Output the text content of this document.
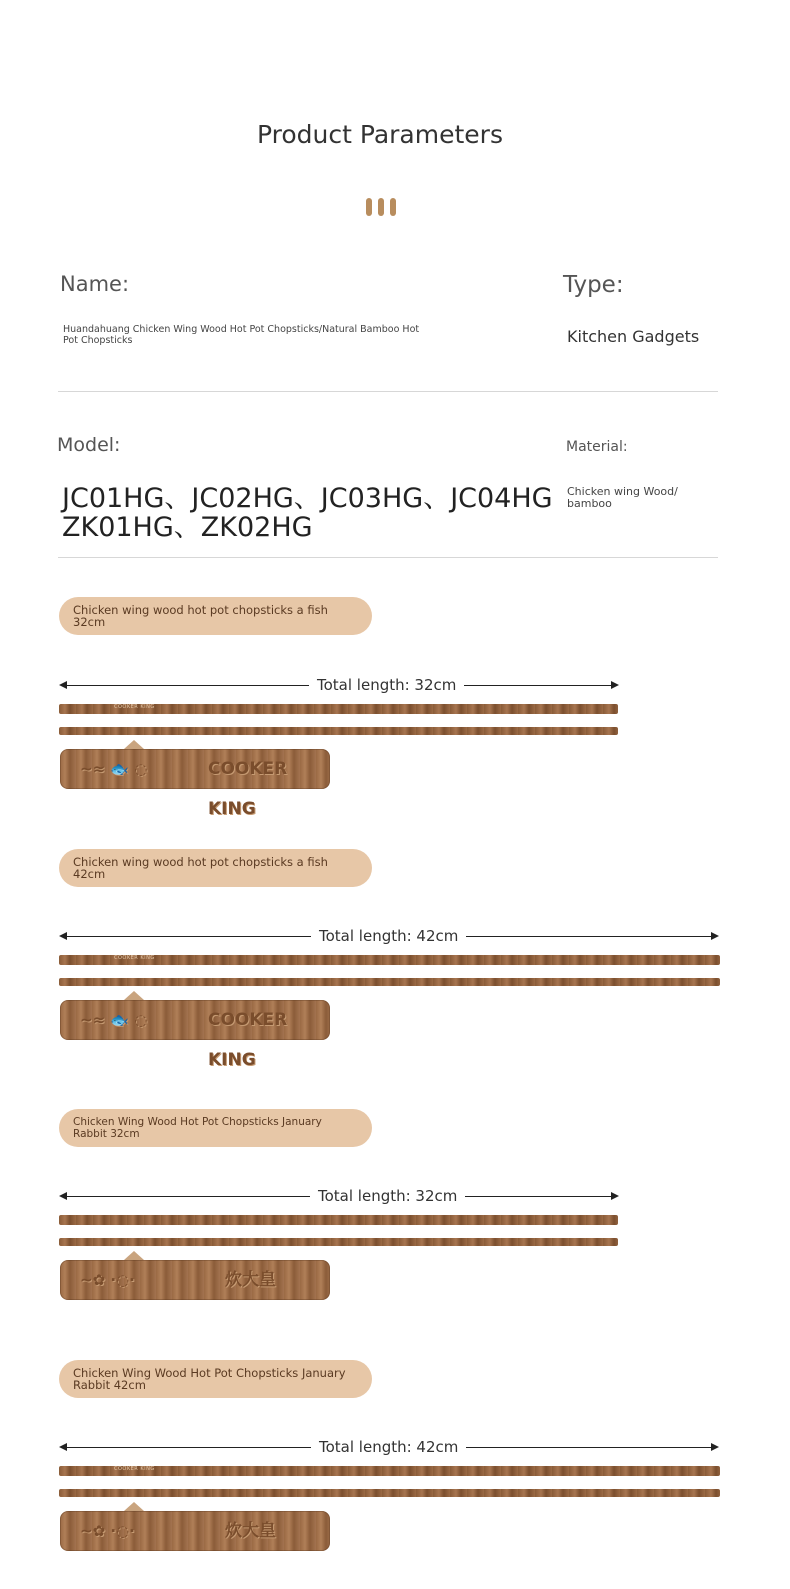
Product Parameters
Name:	Type:
Huandahuang Chicken Wing Wood Hot Pot Chopsticks/Natural Bamboo Hot Pot Chopsticks	Kitchen Gadgets
Model:	Material:
JC01HG、JC02HG、JC03HG、JC04HG
ZK01HG、ZK02HG
Chicken wing Wood/ bamboo
Chicken wing wood hot pot chopsticks a fish 32cm
Total length: 32cm
COOKER KING
~≈ 🐟 ◌	COOKER KING
Chicken wing wood hot pot chopsticks a fish 42cm
Total length: 42cm
COOKER KING
~≈ 🐟 ◌	COOKER KING
Chicken Wing Wood Hot Pot Chopsticks January Rabbit 32cm
Total length: 32cm
~✿ ·◌·	炊大皇
Chicken Wing Wood Hot Pot Chopsticks January Rabbit 42cm
Total length: 42cm
COOKER KING
~✿ ·◌·	炊大皇
